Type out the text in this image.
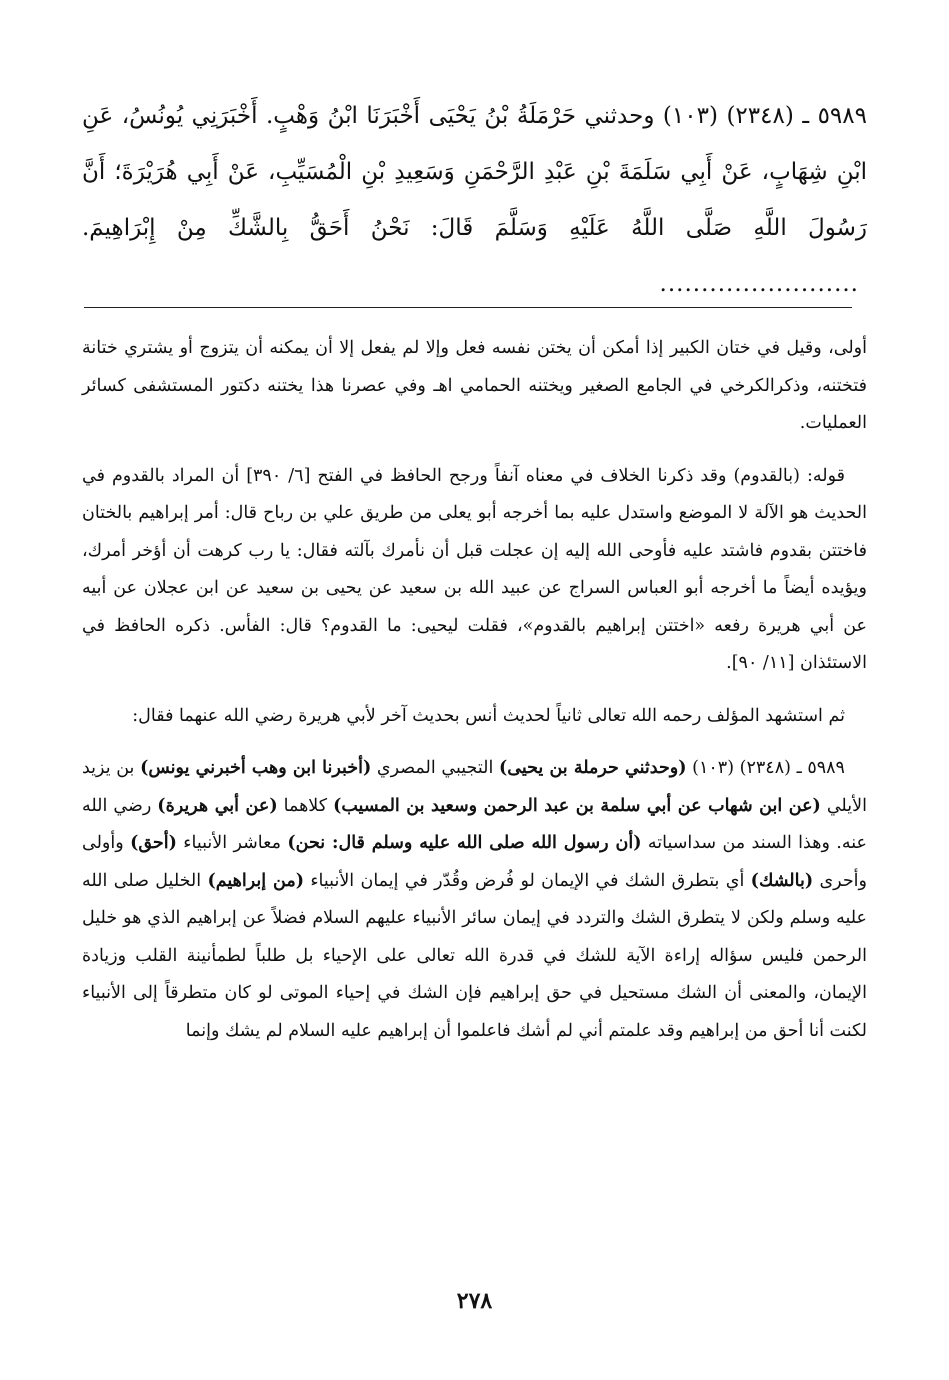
٥٩٨٩ ـ (٢٣٤٨) (١٠٣) وحدثني حَرْمَلَةُ بْنُ يَحْيَى أَخْبَرَنَا ابْنُ وَهْبٍ. أَخْبَرَنِي يُونُسُ، عَنِ ابْنِ شِهَابٍ، عَنْ أَبِي سَلَمَةَ بْنِ عَبْدِ الرَّحْمَنِ وَسَعِيدِ بْنِ الْمُسَيِّبِ، عَنْ أَبِي هُرَيْرَةَ؛ أَنَّ رَسُولَ اللَّهِ صَلَّى اللَّهُ عَلَيْهِ وَسَلَّمَ قَالَ: نَحْنُ أَحَقُّ بِالشَّكِّ مِنْ إِبْرَاهِيمَ.........................

أولى، وقيل في ختان الكبير إذا أمكن أن يختن نفسه فعل وإلا لم يفعل إلا أن يمكنه أن يتزوج أو يشتري ختانة فتختنه، وذكرالكرخي في الجامع الصغير ويختنه الحمامي اهـ وفي عصرنا هذا يختنه دكتور المستشفى كسائر العمليات.

قوله: (بالقدوم) وقد ذكرنا الخلاف في معناه آنفاً ورجح الحافظ في الفتح [٦/ ٣٩٠] أن المراد بالقدوم في الحديث هو الآلة لا الموضع واستدل عليه بما أخرجه أبو يعلى من طريق علي بن رباح قال: أمر إبراهيم بالختان فاختتن بقدوم فاشتد عليه فأوحى الله إليه إن عجلت قبل أن نأمرك بآلته فقال: يا رب كرهت أن أؤخر أمرك، ويؤيده أيضاً ما أخرجه أبو العباس السراج عن عبيد الله بن سعيد عن يحيى بن سعيد عن ابن عجلان عن أبيه عن أبي هريرة رفعه «اختتن إبراهيم بالقدوم»، فقلت ليحيى: ما القدوم؟ قال: الفأس. ذكره الحافظ في الاستئذان [١١/ ٩٠].

ثم استشهد المؤلف رحمه الله تعالى ثانياً لحديث أنس بحديث آخر لأبي هريرة رضي الله عنهما فقال:

٥٩٨٩ ـ (٢٣٤٨) (١٠٣) (وحدثني حرملة بن يحيى) التجيبي المصري (أخبرنا ابن وهب أخبرني يونس) بن يزيد الأيلي (عن ابن شهاب عن أبي سلمة بن عبد الرحمن وسعيد بن المسيب) كلاهما (عن أبي هريرة) رضي الله عنه. وهذا السند من سداسياته (أن رسول الله صلى الله عليه وسلم قال: نحن) معاشر الأنبياء (أحق) وأولى وأحرى (بالشك) أي بتطرق الشك في الإيمان لو فُرض وقُدّر في إيمان الأنبياء (من إبراهيم) الخليل صلى الله عليه وسلم ولكن لا يتطرق الشك والتردد في إيمان سائر الأنبياء عليهم السلام فضلاً عن إبراهيم الذي هو خليل الرحمن فليس سؤاله إراءة الآية للشك في قدرة الله تعالى على الإحياء بل طلباً لطمأنينة القلب وزيادة الإيمان، والمعنى أن الشك مستحيل في حق إبراهيم فإن الشك في إحياء الموتى لو كان متطرقاً إلى الأنبياء لكنت أنا أحق من إبراهيم وقد علمتم أني لم أشك فاعلموا أن إبراهيم عليه السلام لم يشك وإنما

٢٧٨
